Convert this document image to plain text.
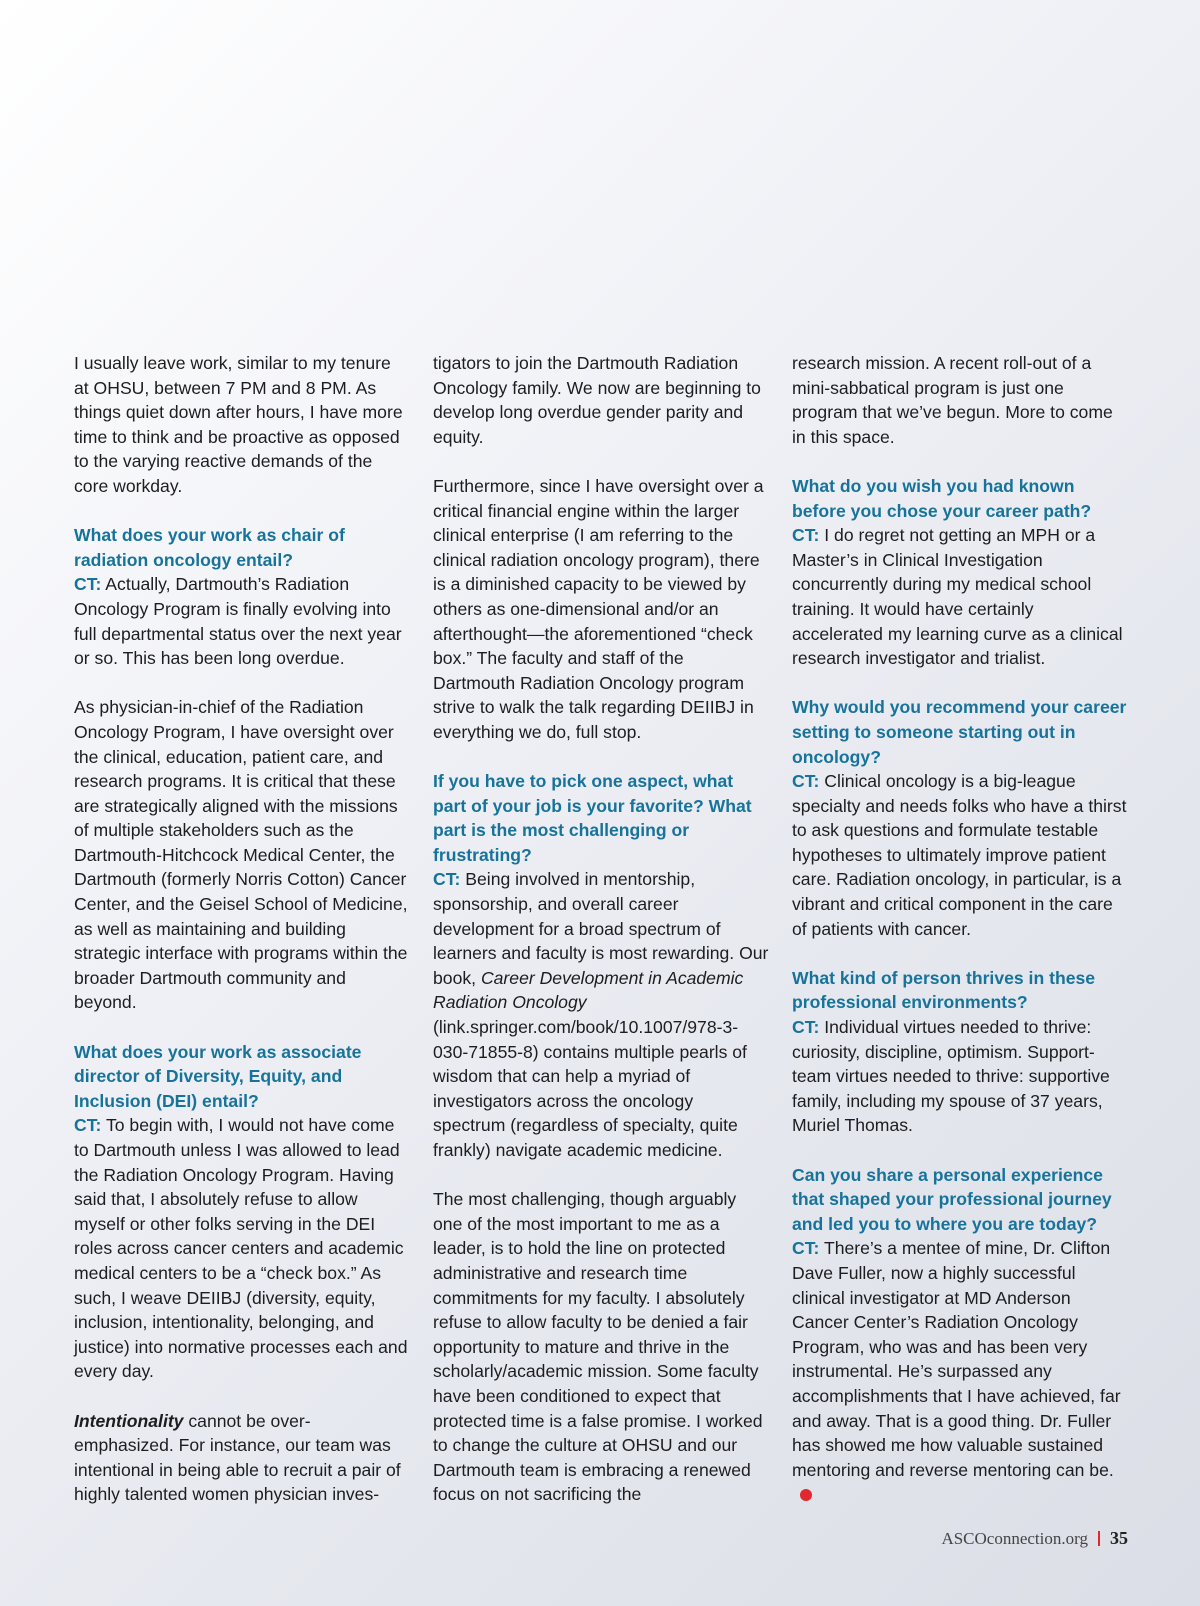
I usually leave work, similar to my tenure at OHSU, between 7 PM and 8 PM. As things quiet down after hours, I have more time to think and be proactive as opposed to the varying reactive demands of the core workday.

What does your work as chair of radiation oncology entail?
CT: Actually, Dartmouth’s Radiation Oncology Program is finally evolving into full departmental status over the next year or so. This has been long overdue.

As physician-in-chief of the Radiation Oncology Program, I have oversight over the clinical, education, patient care, and research programs. It is critical that these are strategically aligned with the missions of multiple stakeholders such as the Dartmouth-Hitchcock Medical Center, the Dartmouth (formerly Norris Cotton) Cancer Center, and the Geisel School of Medicine, as well as maintaining and building strategic interface with programs within the broader Dartmouth community and beyond.

What does your work as associate director of Diversity, Equity, and Inclusion (DEI) entail?
CT: To begin with, I would not have come to Dartmouth unless I was allowed to lead the Radiation Oncology Program. Having said that, I absolutely refuse to allow myself or other folks serving in the DEI roles across cancer centers and academic medical centers to be a “check box.” As such, I weave DEIIBJ (diversity, equity, inclusion, intentionality, belonging, and justice) into normative processes each and every day.

Intentionality cannot be over-emphasized. For instance, our team was intentional in being able to recruit a pair of highly talented women physician inves-

tigators to join the Dartmouth Radiation Oncology family. We now are beginning to develop long overdue gender parity and equity.

Furthermore, since I have oversight over a critical financial engine within the larger clinical enterprise (I am referring to the clinical radiation oncology program), there is a diminished capacity to be viewed by others as one-dimensional and/or an afterthought—the aforementioned “check box.” The faculty and staff of the Dartmouth Radiation Oncology program strive to walk the talk regarding DEIIBJ in everything we do, full stop.

If you have to pick one aspect, what part of your job is your favorite? What part is the most challenging or frustrating?
CT: Being involved in mentorship, sponsorship, and overall career development for a broad spectrum of learners and faculty is most rewarding. Our book, Career Development in Academic Radiation Oncology (link.springer.com/book/10.1007/978-3-030-71855-8) contains multiple pearls of wisdom that can help a myriad of investigators across the oncology spectrum (regardless of specialty, quite frankly) navigate academic medicine.

The most challenging, though arguably one of the most important to me as a leader, is to hold the line on protected administrative and research time commitments for my faculty. I absolutely refuse to allow faculty to be denied a fair opportunity to mature and thrive in the scholarly/academic mission. Some faculty have been conditioned to expect that protected time is a false promise. I worked to change the culture at OHSU and our Dartmouth team is embracing a renewed focus on not sacrificing the

research mission. A recent roll-out of a mini-sabbatical program is just one program that we’ve begun. More to come in this space.

What do you wish you had known before you chose your career path?
CT: I do regret not getting an MPH or a Master’s in Clinical Investigation concurrently during my medical school training. It would have certainly accelerated my learning curve as a clinical research investigator and trialist.

Why would you recommend your career setting to someone starting out in oncology?
CT: Clinical oncology is a big-league specialty and needs folks who have a thirst to ask questions and formulate testable hypotheses to ultimately improve patient care. Radiation oncology, in particular, is a vibrant and critical component in the care of patients with cancer.

What kind of person thrives in these professional environments?
CT: Individual virtues needed to thrive: curiosity, discipline, optimism. Support-team virtues needed to thrive: supportive family, including my spouse of 37 years, Muriel Thomas.

Can you share a personal experience that shaped your professional journey and led you to where you are today?
CT: There’s a mentee of mine, Dr. Clifton Dave Fuller, now a highly successful clinical investigator at MD Anderson Cancer Center’s Radiation Oncology Program, who was and has been very instrumental. He’s surpassed any accomplishments that I have achieved, far and away. That is a good thing. Dr. Fuller has showed me how valuable sustained mentoring and reverse mentoring can be.

ASCOconnection.org 35
